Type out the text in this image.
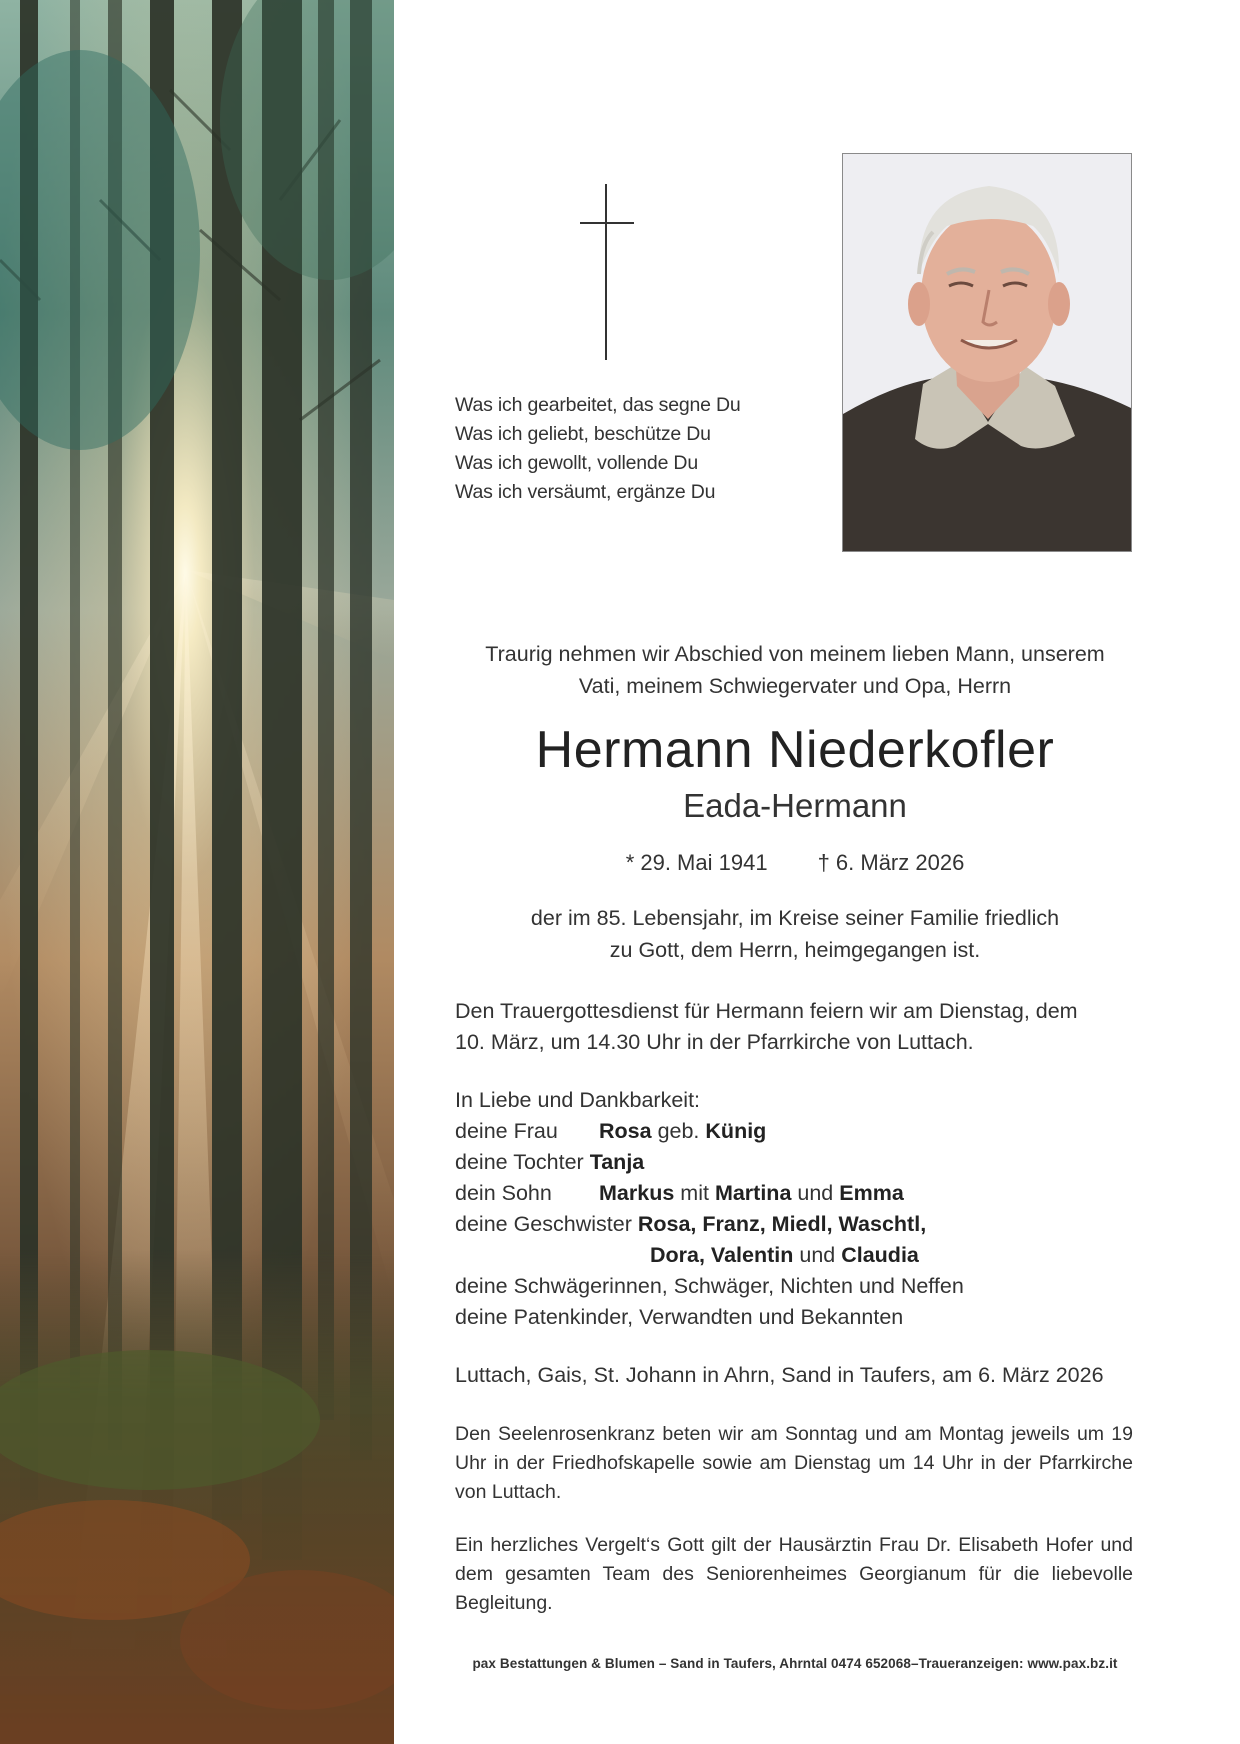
Was ich gearbeitet, das segne Du
Was ich geliebt, beschütze Du
Was ich gewollt, vollende Du
Was ich versäumt, ergänze Du
Traurig nehmen wir Abschied von meinem lieben Mann, unserem
Vati, meinem Schwiegervater und Opa, Herrn
Hermann Niederkofler
Eada-Hermann
* 29. Mai 1941 † 6. März 2026
der im 85. Lebensjahr, im Kreise seiner Familie friedlich
zu Gott, dem Herrn, heimgegangen ist.
Den Trauergottesdienst für Hermann feiern wir am Dienstag, dem
10. März, um 14.30 Uhr in der Pfarrkirche von Luttach.
In Liebe und Dankbarkeit:
deine Frau Rosa geb. Künig
deine Tochter Tanja
dein Sohn Markus mit Martina und Emma
deine Geschwister Rosa, Franz, Miedl, Waschtl,
Dora, Valentin und Claudia
deine Schwägerinnen, Schwäger, Nichten und Neffen
deine Patenkinder, Verwandten und Bekannten
Luttach, Gais, St. Johann in Ahrn, Sand in Taufers, am 6. März 2026
Den Seelenrosenkranz beten wir am Sonntag und am Montag jeweils um 19 Uhr in der Friedhofskapelle sowie am Dienstag um 14 Uhr in der Pfarrkirche von Luttach.
Ein herzliches Vergelt‘s Gott gilt der Hausärztin Frau Dr. Elisabeth Hofer und dem gesamten Team des Seniorenheimes Georgianum für die liebevolle Begleitung.
pax Bestattungen & Blumen – Sand in Taufers, Ahrntal 0474 652068–Traueranzeigen: www.pax.bz.it
